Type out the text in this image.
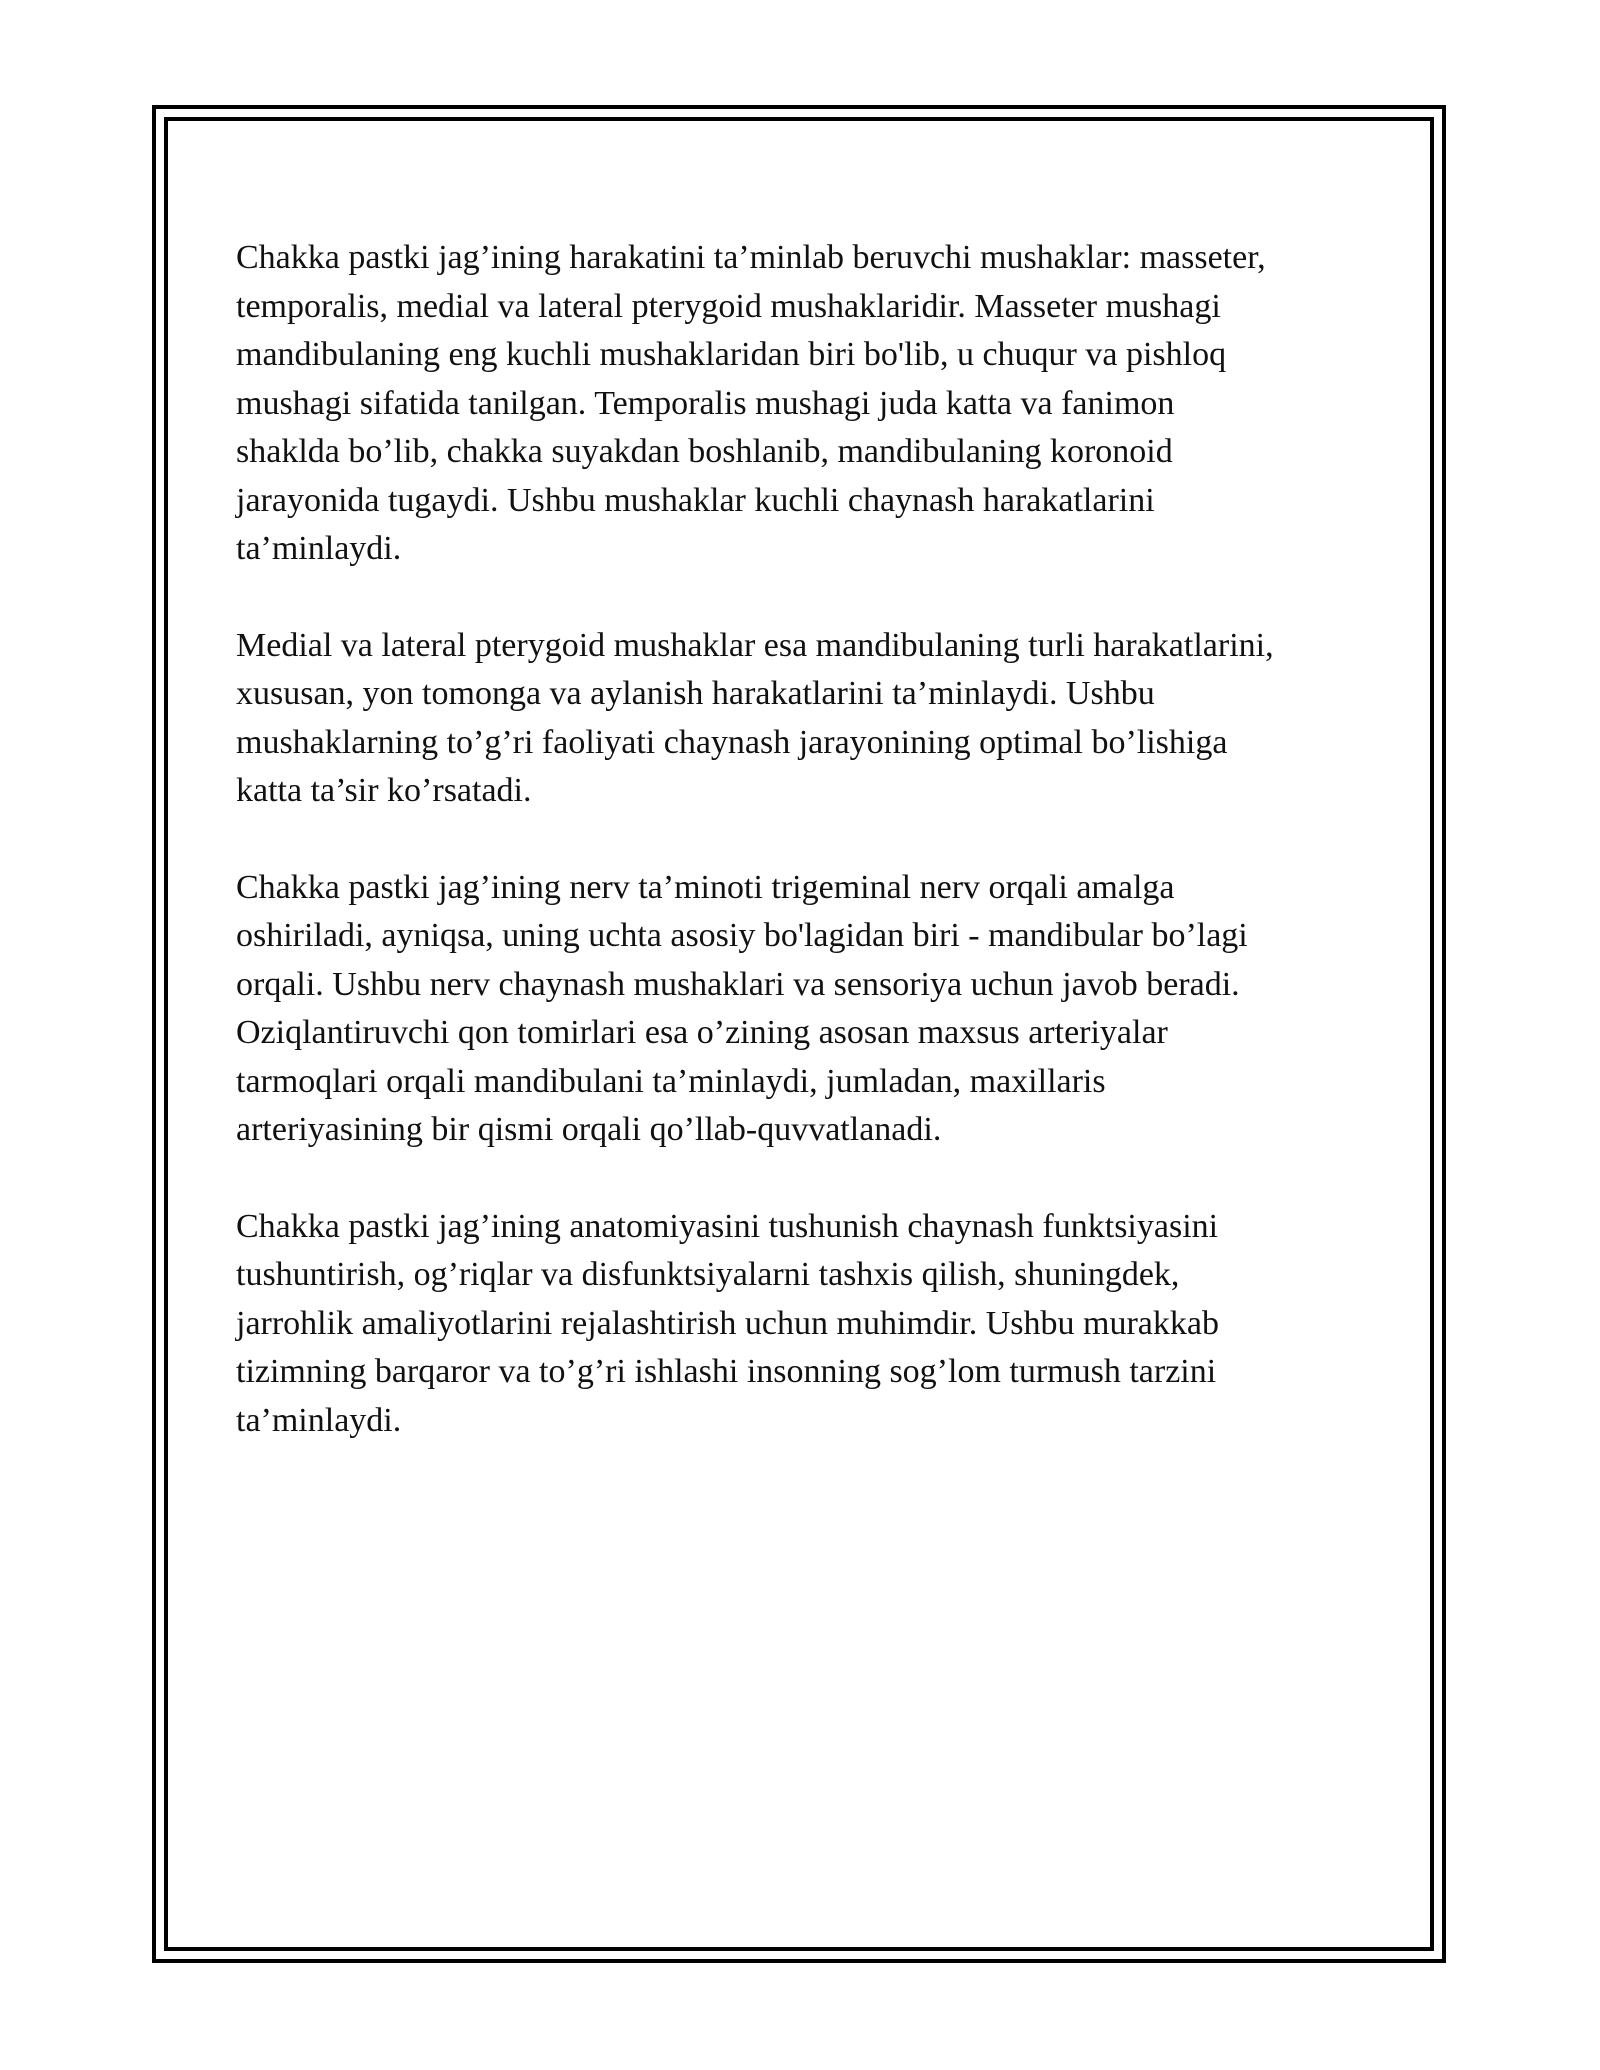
Chakka pastki jag’ining harakatini ta’minlab beruvchi mushaklar: masseter,
temporalis, medial va lateral pterygoid mushaklaridir. Masseter mushagi
mandibulaning eng kuchli mushaklaridan biri bo'lib, u chuqur va pishloq
mushagi sifatida tanilgan. Temporalis mushagi juda katta va fanimon
shaklda bo’lib, chakka suyakdan boshlanib, mandibulaning koronoid
jarayonida tugaydi. Ushbu mushaklar kuchli chaynash harakatlarini
ta’minlaydi.

Medial va lateral pterygoid mushaklar esa mandibulaning turli harakatlarini,
xususan, yon tomonga va aylanish harakatlarini ta’minlaydi. Ushbu
mushaklarning to’g’ri faoliyati chaynash jarayonining optimal bo’lishiga
katta ta’sir ko’rsatadi.

Chakka pastki jag’ining nerv ta’minoti trigeminal nerv orqali amalga
oshiriladi, ayniqsa, uning uchta asosiy bo'lagidan biri - mandibular bo’lagi
orqali. Ushbu nerv chaynash mushaklari va sensoriya uchun javob beradi.
Oziqlantiruvchi qon tomirlari esa o’zining asosan maxsus arteriyalar
tarmoqlari orqali mandibulani ta’minlaydi, jumladan, maxillaris
arteriyasining bir qismi orqali qo’llab-quvvatlanadi.

Chakka pastki jag’ining anatomiyasini tushunish chaynash funktsiyasini
tushuntirish, og’riqlar va disfunktsiyalarni tashxis qilish, shuningdek,
jarrohlik amaliyotlarini rejalashtirish uchun muhimdir. Ushbu murakkab
tizimning barqaror va to’g’ri ishlashi insonning sog’lom turmush tarzini
ta’minlaydi.
